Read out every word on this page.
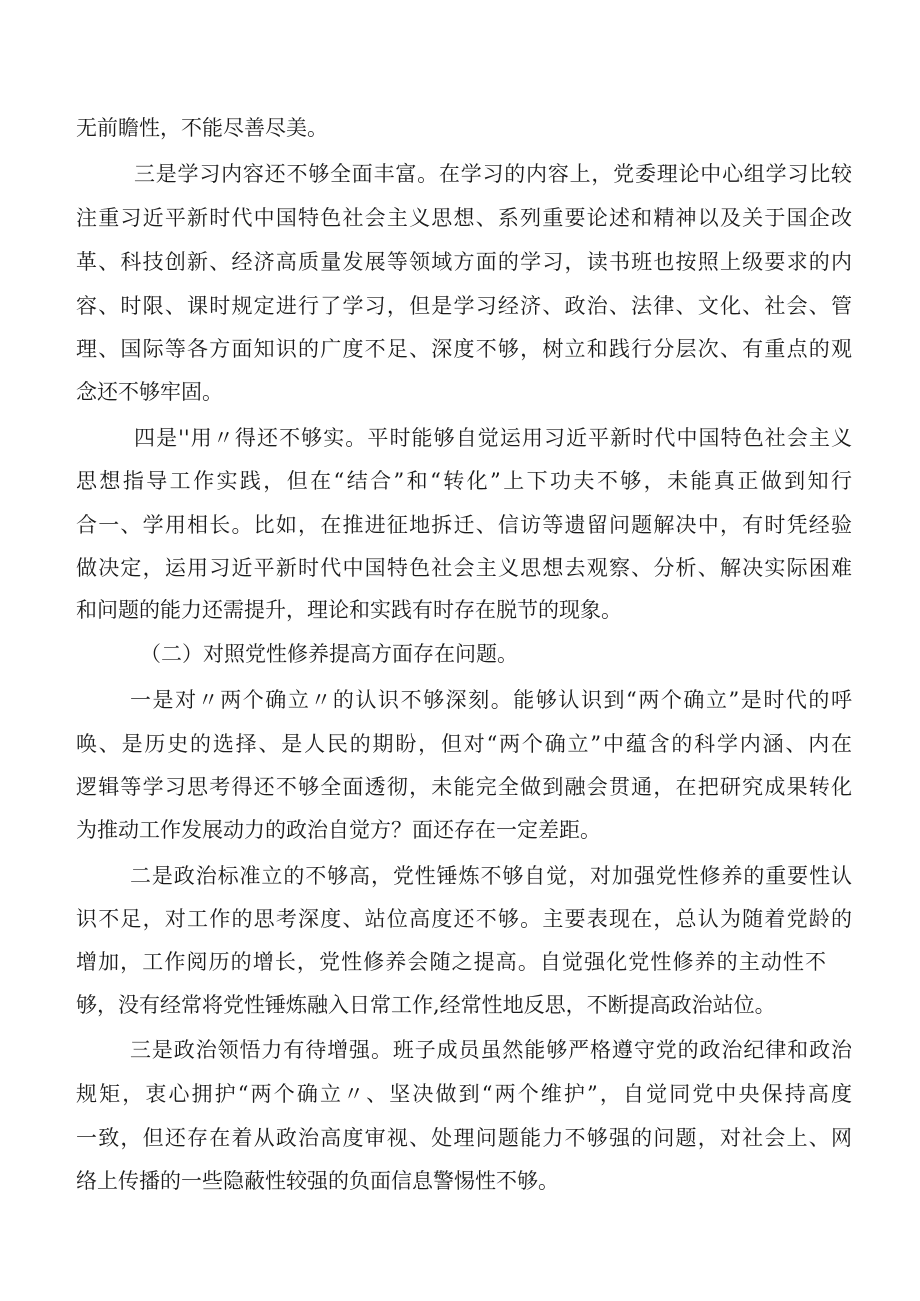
无前瞻性，不能尽善尽美。
三是学习内容还不够全面丰富。在学习的内容上，党委理论中心组学习比较
注重习近平新时代中国特色社会主义思想、系列重要论述和精神以及关于国企改
革、科技创新、经济高质量发展等领域方面的学习，读书班也按照上级要求的内
容、时限、课时规定进行了学习，但是学习经济、政治、法律、文化、社会、管
理、国际等各方面知识的广度不足、深度不够，树立和践行分层次、有重点的观
念还不够牢固。
四是''用〃得还不够实。平时能够自觉运用习近平新时代中国特色社会主义
思想指导工作实践，但在“结合”和“转化”上下功夫不够，未能真正做到知行
合一、学用相长。比如，在推进征地拆迁、信访等遗留问题解决中，有时凭经验
做决定，运用习近平新时代中国特色社会主义思想去观察、分析、解决实际困难
和问题的能力还需提升，理论和实践有时存在脱节的现象。
（二）对照党性修养提高方面存在问题。
一是对〃两个确立〃的认识不够深刻。能够认识到“两个确立”是时代的呼
唤、是历史的选择、是人民的期盼，但对“两个确立”中蕴含的科学内涵、内在
逻辑等学习思考得还不够全面透彻，未能完全做到融会贯通，在把研究成果转化
为推动工作发展动力的政治自觉方？面还存在一定差距。
二是政治标准立的不够高，党性锤炼不够自觉，对加强党性修养的重要性认
识不足，对工作的思考深度、站位高度还不够。主要表现在，总认为随着党龄的
增加，工作阅历的增长，党性修养会随之提高。自觉强化党性修养的主动性不
够，没有经常将党性锤炼融入日常工作,经常性地反思，不断提高政治站位。
三是政治领悟力有待增强。班子成员虽然能够严格遵守党的政治纪律和政治
规矩，衷心拥护“两个确立〃、坚决做到“两个维护”，自觉同党中央保持高度
一致，但还存在着从政治高度审视、处理问题能力不够强的问题，对社会上、网
络上传播的一些隐蔽性较强的负面信息警惕性不够。
